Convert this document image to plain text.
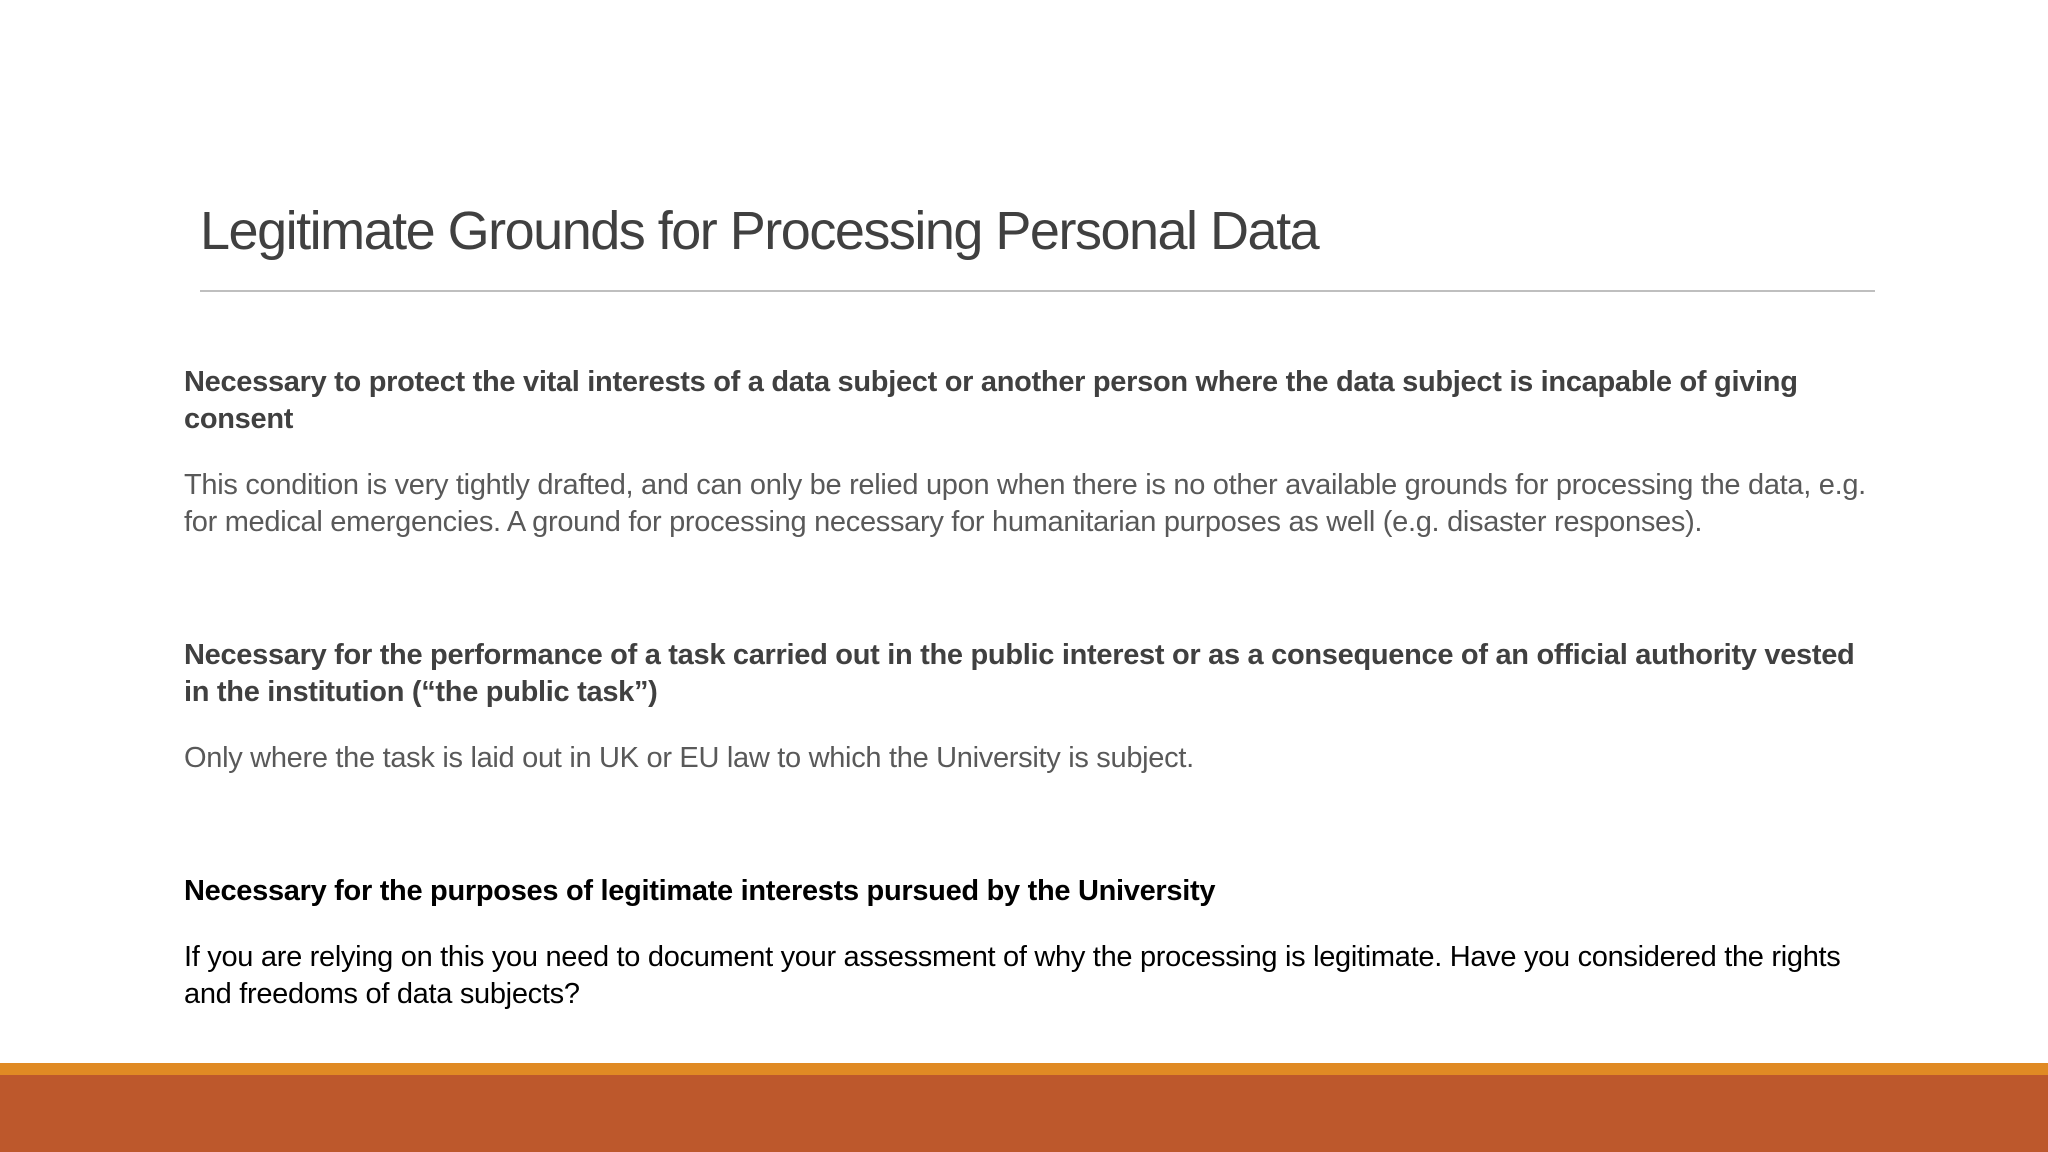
Legitimate Grounds for Processing Personal Data

Necessary to protect the vital interests of a data subject or another person where the data subject is incapable of giving consent

This condition is very tightly drafted, and can only be relied upon when there is no other available grounds for processing the data, e.g. for medical emergencies. A ground for processing necessary for humanitarian purposes as well (e.g. disaster responses).

Necessary for the performance of a task carried out in the public interest or as a consequence of an official authority vested in the institution (“the public task”)

Only where the task is laid out in UK or EU law to which the University is subject.

Necessary for the purposes of legitimate interests pursued by the University

If you are relying on this you need to document your assessment of why the processing is legitimate. Have you considered the rights and freedoms of data subjects?
